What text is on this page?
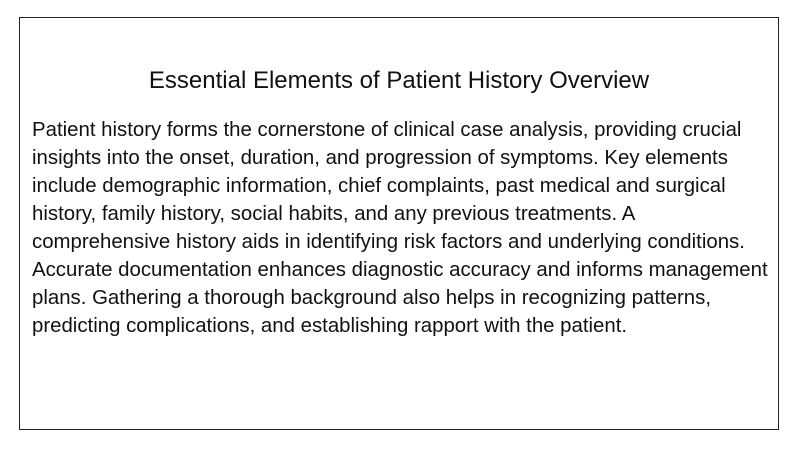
Essential Elements of Patient History Overview

Patient history forms the cornerstone of clinical case analysis, providing crucial insights into the onset, duration, and progression of symptoms. Key elements include demographic information, chief complaints, past medical and surgical history, family history, social habits, and any previous treatments. A comprehensive history aids in identifying risk factors and underlying conditions. Accurate documentation enhances diagnostic accuracy and informs management plans. Gathering a thorough background also helps in recognizing patterns, predicting complications, and establishing rapport with the patient.
